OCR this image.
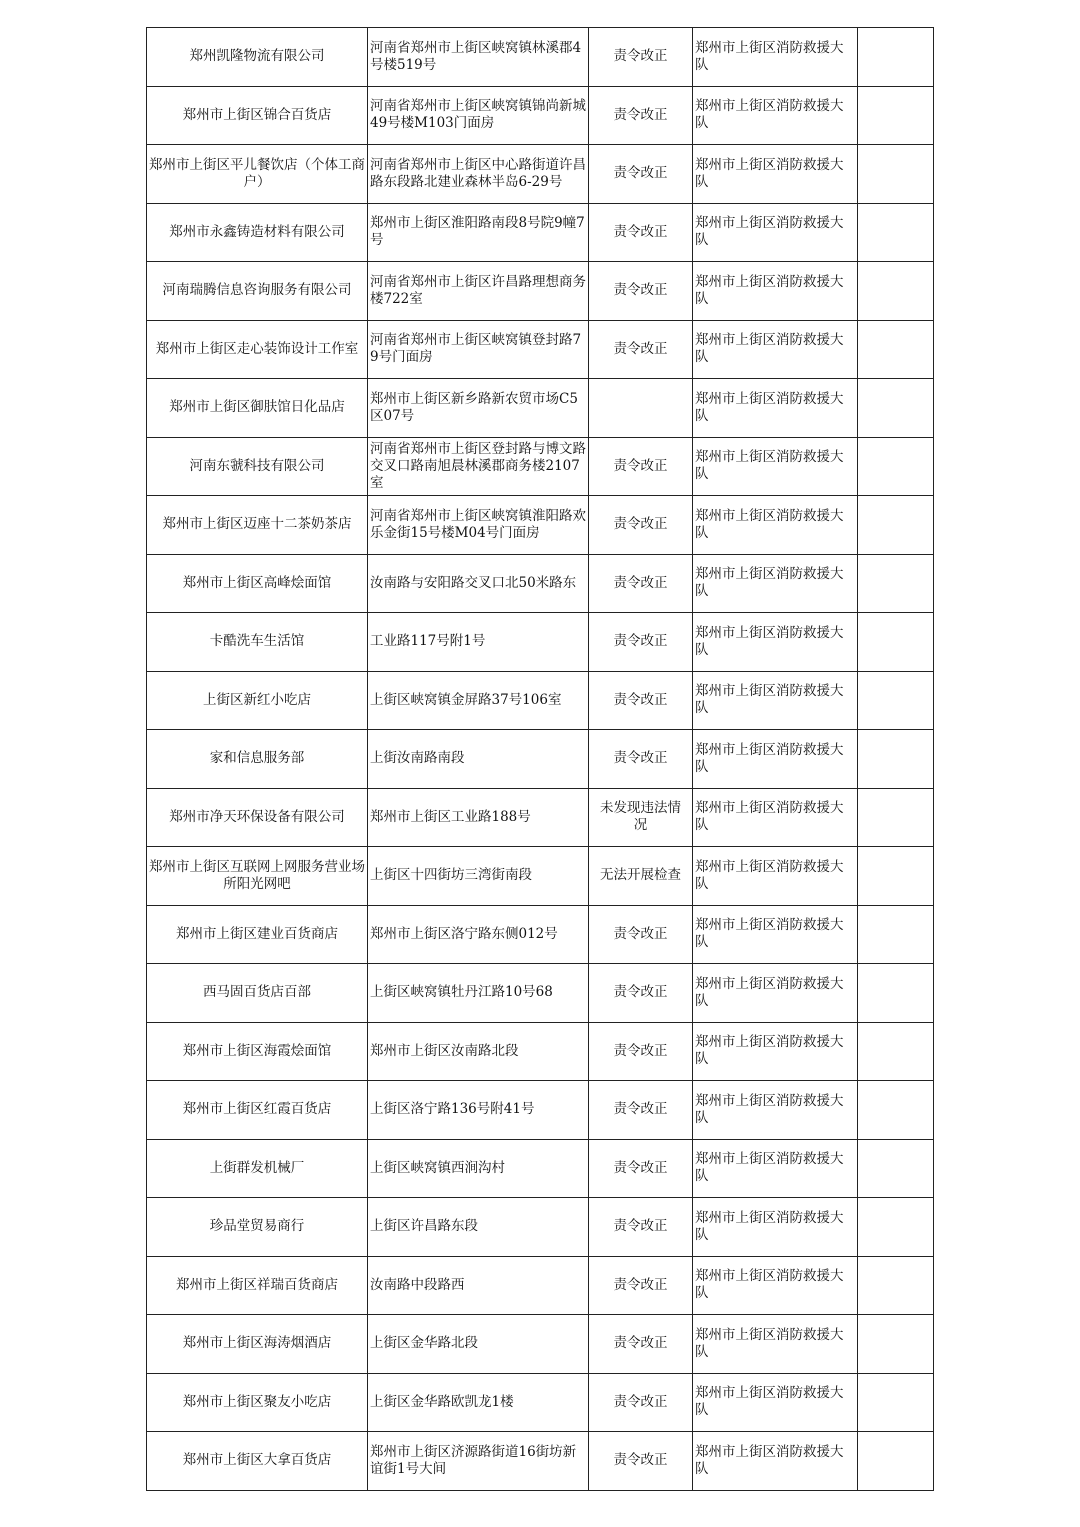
郑州凯隆物流有限公司	河南省郑州市上街区峡窝镇林溪郡4号楼519号	责令改正	郑州市上街区消防救援大队	
郑州市上街区锦合百货店	河南省郑州市上街区峡窝镇锦尚新城49号楼M103门面房	责令改正	郑州市上街区消防救援大队	
郑州市上街区平儿餐饮店（个体工商户）	河南省郑州市上街区中心路街道许昌路东段路北建业森林半岛6-29号	责令改正	郑州市上街区消防救援大队	
郑州市永鑫铸造材料有限公司	郑州市上街区淮阳路南段8号院9幢7号	责令改正	郑州市上街区消防救援大队	
河南瑞腾信息咨询服务有限公司	河南省郑州市上街区许昌路理想商务楼722室	责令改正	郑州市上街区消防救援大队	
郑州市上街区走心装饰设计工作室	河南省郑州市上街区峡窝镇登封路79号门面房	责令改正	郑州市上街区消防救援大队	
郑州市上街区御肤馆日化品店	郑州市上街区新乡路新农贸市场C5区07号		郑州市上街区消防救援大队	
河南东虢科技有限公司	河南省郑州市上街区登封路与博文路交叉口路南旭晨林溪郡商务楼2107室	责令改正	郑州市上街区消防救援大队	
郑州市上街区迈座十二茶奶茶店	河南省郑州市上街区峡窝镇淮阳路欢乐金街15号楼M04号门面房	责令改正	郑州市上街区消防救援大队	
郑州市上街区高峰烩面馆	汝南路与安阳路交叉口北50米路东	责令改正	郑州市上街区消防救援大队	
卡酷洗车生活馆	工业路117号附1号	责令改正	郑州市上街区消防救援大队	
上街区新红小吃店	上街区峡窝镇金屏路37号106室	责令改正	郑州市上街区消防救援大队	
家和信息服务部	上街汝南路南段	责令改正	郑州市上街区消防救援大队	
郑州市净天环保设备有限公司	郑州市上街区工业路188号	未发现违法情况	郑州市上街区消防救援大队	
郑州市上街区互联网上网服务营业场所阳光网吧	上街区十四街坊三湾街南段	无法开展检查	郑州市上街区消防救援大队	
郑州市上街区建业百货商店	郑州市上街区洛宁路东侧012号	责令改正	郑州市上街区消防救援大队	
西马固百货店百部	上街区峡窝镇牡丹江路10号68	责令改正	郑州市上街区消防救援大队	
郑州市上街区海霞烩面馆	郑州市上街区汝南路北段	责令改正	郑州市上街区消防救援大队	
郑州市上街区红霞百货店	上街区洛宁路136号附41号	责令改正	郑州市上街区消防救援大队	
上街群发机械厂	上街区峡窝镇西涧沟村	责令改正	郑州市上街区消防救援大队	
珍品堂贸易商行	上街区许昌路东段	责令改正	郑州市上街区消防救援大队	
郑州市上街区祥瑞百货商店	汝南路中段路西	责令改正	郑州市上街区消防救援大队	
郑州市上街区海涛烟酒店	上街区金华路北段	责令改正	郑州市上街区消防救援大队	
郑州市上街区聚友小吃店	上街区金华路欧凯龙1楼	责令改正	郑州市上街区消防救援大队	
郑州市上街区大拿百货店	郑州市上街区济源路街道16街坊新谊街1号大间	责令改正	郑州市上街区消防救援大队	
